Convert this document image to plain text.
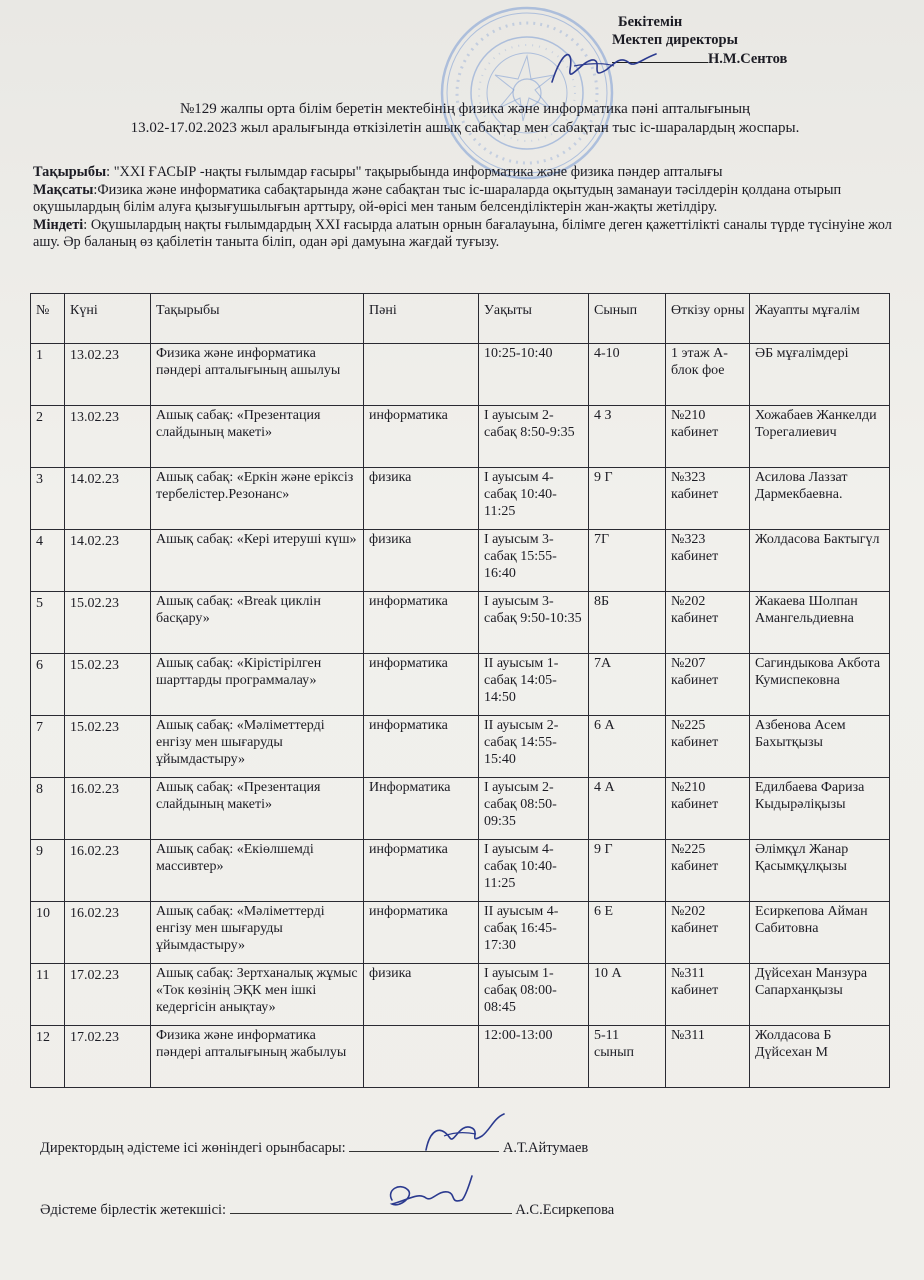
Бекітемін
Мектеп директоры
Н.М.Сентов
№129 жалпы орта білім беретін мектебінің физика және информатика пәні апталығының
13.02-17.02.2023 жыл аралығында өткізілетін ашық сабақтар мен сабақтан тыс іс-шаралардың жоспары.

Тақырыбы: "XXI ҒАСЫР -нақты ғылымдар ғасыры" тақырыбында информатика және физика пәндер апталығы

Мақсаты:Физика және информатика сабақтарында және сабақтан тыс іс-шараларда оқытудың заманауи тәсілдерін қолдана отырып оқушылардың білім алуға қызығушылығын арттыру, ой-өрісі мен таным белсенділіктерін жан-жақты жетілдіру.

Міндеті: Оқушылардың нақты ғылымдардың XXI ғасырда алатын орнын бағалауына, білімге деген қажеттілікті саналы түрде түсінуіне жол ашу. Әр баланың өз қабілетін таныта біліп, одан әрі дамуына жағдай туғызу.

№	Күні	Тақырыбы	Пәні	Уақыты	Сынып	Өткізу орны	Жауапты мұғалім
1	13.02.23	Физика және информатика пәндері апталығының ашылуы		10:25-10:40	4-10	1 этаж А-блок фое	ӘБ мұғалімдері
2	13.02.23	Ашық сабақ: «Презентация слайдының макеті»	информатика	I ауысым 2-сабақ 8:50-9:35	4 З	№210 кабинет	Хожабаев Жанкелди Торегалиевич
3	14.02.23	Ашық сабақ: «Еркін және еріксіз тербелістер.Резонанс»	физика	I ауысым 4-сабақ 10:40-11:25	9 Г	№323 кабинет	Асилова Лаззат Дармекбаевна.
4	14.02.23	Ашық сабақ: «Кері итеруші күш»	физика	I ауысым 3-сабақ 15:55-16:40	7Г	№323 кабинет	Жолдасова Бактыгүл
5	15.02.23	Ашық сабақ: «Break циклін басқару»	информатика	I ауысым 3-сабақ 9:50-10:35	8Б	№202 кабинет	Жакаева Шолпан Амангельдиевна
6	15.02.23	Ашық сабақ: «Кірістірілген шарттарды программалау»	информатика	II ауысым 1-сабақ 14:05-14:50	7А	№207 кабинет	Сагиндыкова Акбота Кумиспековна
7	15.02.23	Ашық сабақ: «Мәліметтерді енгізу мен шығаруды ұйымдастыру»	информатика	II ауысым 2-сабақ 14:55-15:40	6 А	№225 кабинет	Азбенова Асем Бахытқызы
8	16.02.23	Ашық сабақ: «Презентация слайдының макеті»	Информатика	I ауысым 2-сабақ 08:50-09:35	4 А	№210 кабинет	Едилбаева Фариза Кыдырәліқызы
9	16.02.23	Ашық сабақ: «Екіөлшемді массивтер»	информатика	I ауысым 4-сабақ 10:40-11:25	9 Г	№225 кабинет	Әлімқұл Жанар Қасымқұлқызы
10	16.02.23	Ашық сабақ: «Мәліметтерді енгізу мен шығаруды ұйымдастыру»	информатика	II ауысым 4-сабақ 16:45-17:30	6 Е	№202 кабинет	Есиркепова Айман Сабитовна
11	17.02.23	Ашық сабақ: Зертханалық жұмыс «Ток көзінің ЭҚК мен ішкі кедергісін анықтау»	физика	I ауысым 1-сабақ 08:00-08:45	10 А	№311 кабинет	Дүйсехан Манзура Сапарханқызы
12	17.02.23	Физика және информатика пәндері апталығының жабылуы		12:00-13:00	5-11 сынып	№311	Жолдасова Б Дүйсехан М
Директордың әдістеме ісі жөніндегі орынбасары:	А.Т.Айтумаев
Әдістеме бірлестік жетекшісі:	А.С.Есиркепова
